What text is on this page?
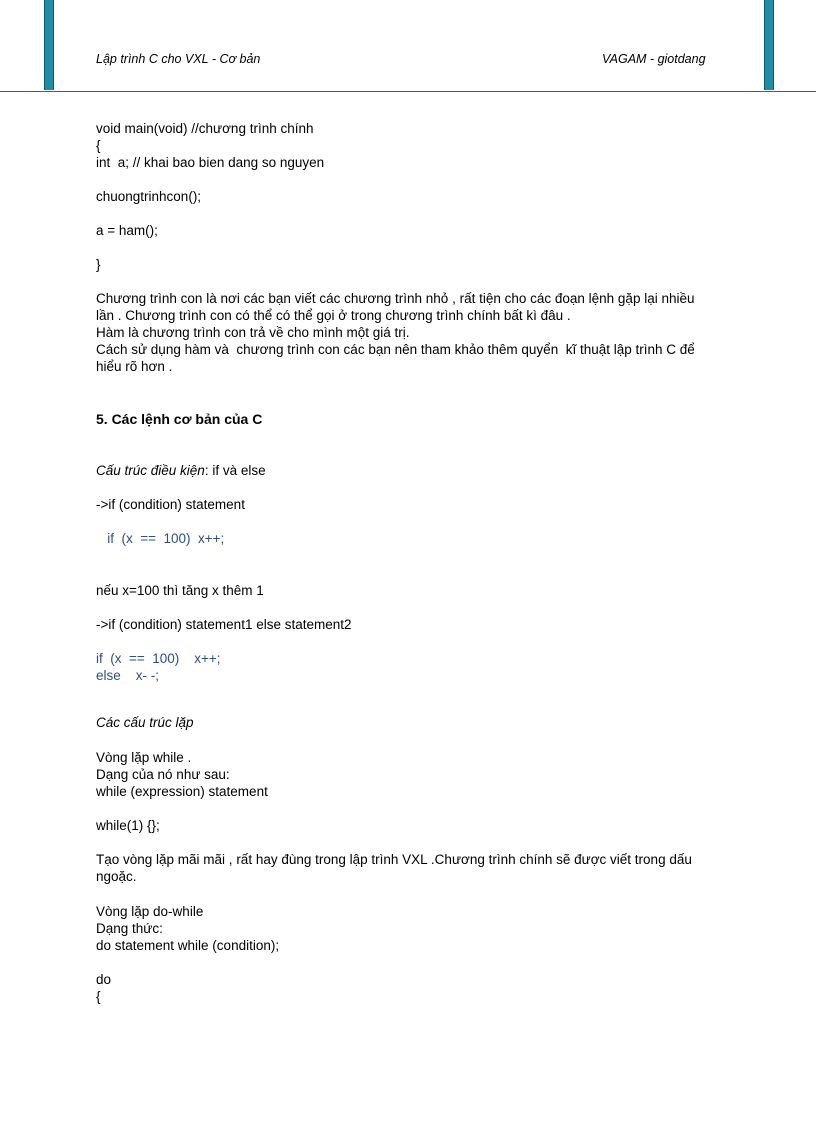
Lập trình C cho VXL - Cơ bản	VAGAM - giotdang
void main(void) //chương trình chính
{
int  a; // khai bao bien dang so nguyen
chuongtrinhcon();
a = ham();
}
Chương trình con là nơi các bạn viết các chương trình nhỏ , rất tiện cho các đoạn lệnh gặp lại nhiều
lần . Chương trình con có thể có thể gọi ở trong chương trình chính bất kì đâu .
Hàm là chương trình con trả về cho mình một giá trị.
Cách sử dụng hàm và  chương trình con các bạn nên tham khảo thêm quyển  kĩ thuật lập trình C để
hiểu rõ hơn .
5. Các lệnh cơ bản của C
Cấu trúc điều kiện: if và else
->if (condition) statement
if  (x  ==  100)  x++;
nếu x=100 thì tăng x thêm 1
->if (condition) statement1 else statement2
if  (x  ==  100)    x++;
else    x- -;
Các cấu trúc lặp
Vòng lặp while .
Dạng của nó như sau:
while (expression) statement
while(1) {};
Tạo vòng lặp mãi mãi , rất hay đùng trong lập trình VXL .Chương trình chính sẽ được viết trong dấu
ngoặc.
Vòng lặp do-while
Dạng thức:
do statement while (condition);
do
{
